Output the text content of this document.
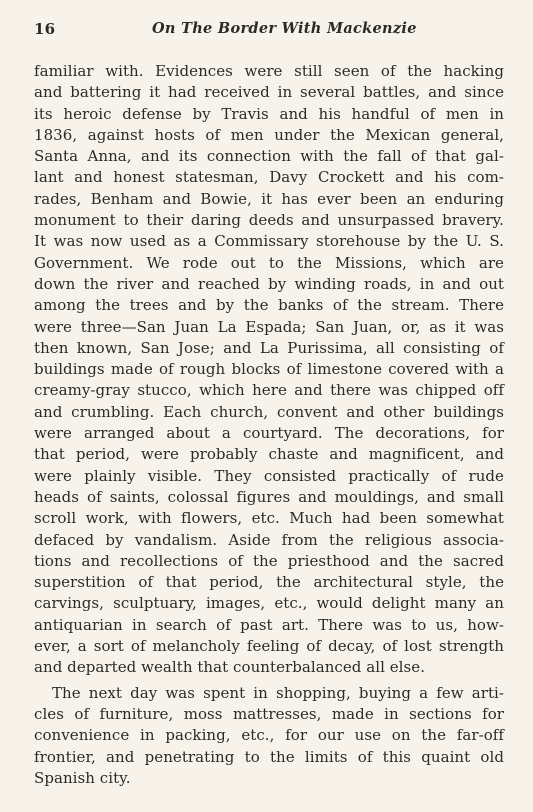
16	On The Border With Mackenzie
familiar with. Evidences were still seen of the hacking
and battering it had received in several battles, and since
its heroic defense by Travis and his handful of men in
1836, against hosts of men under the Mexican general,
Santa Anna, and its connection with the fall of that gal-
lant and honest statesman, Davy Crockett and his com-
rades, Benham and Bowie, it has ever been an enduring
monument to their daring deeds and unsurpassed bravery.
It was now used as a Commissary storehouse by the U. S.
Government. We rode out to the Missions, which are
down the river and reached by winding roads, in and out
among the trees and by the banks of the stream. There
were three—San Juan La Espada; San Juan, or, as it was
then known, San Jose; and La Purissima, all consisting of
buildings made of rough blocks of limestone covered with a
creamy-gray stucco, which here and there was chipped off
and crumbling. Each church, convent and other buildings
were arranged about a courtyard. The decorations, for
that period, were probably chaste and magnificent, and
were plainly visible. They consisted practically of rude
heads of saints, colossal figures and mouldings, and small
scroll work, with flowers, etc. Much had been somewhat
defaced by vandalism. Aside from the religious associa-
tions and recollections of the priesthood and the sacred
superstition of that period, the architectural style, the
carvings, sculptuary, images, etc., would delight many an
antiquarian in search of past art. There was to us, how-
ever, a sort of melancholy feeling of decay, of lost strength
and departed wealth that counterbalanced all else.
The next day was spent in shopping, buying a few arti-
cles of furniture, moss mattresses, made in sections for
convenience in packing, etc., for our use on the far-off
frontier, and penetrating to the limits of this quaint old
Spanish city.
